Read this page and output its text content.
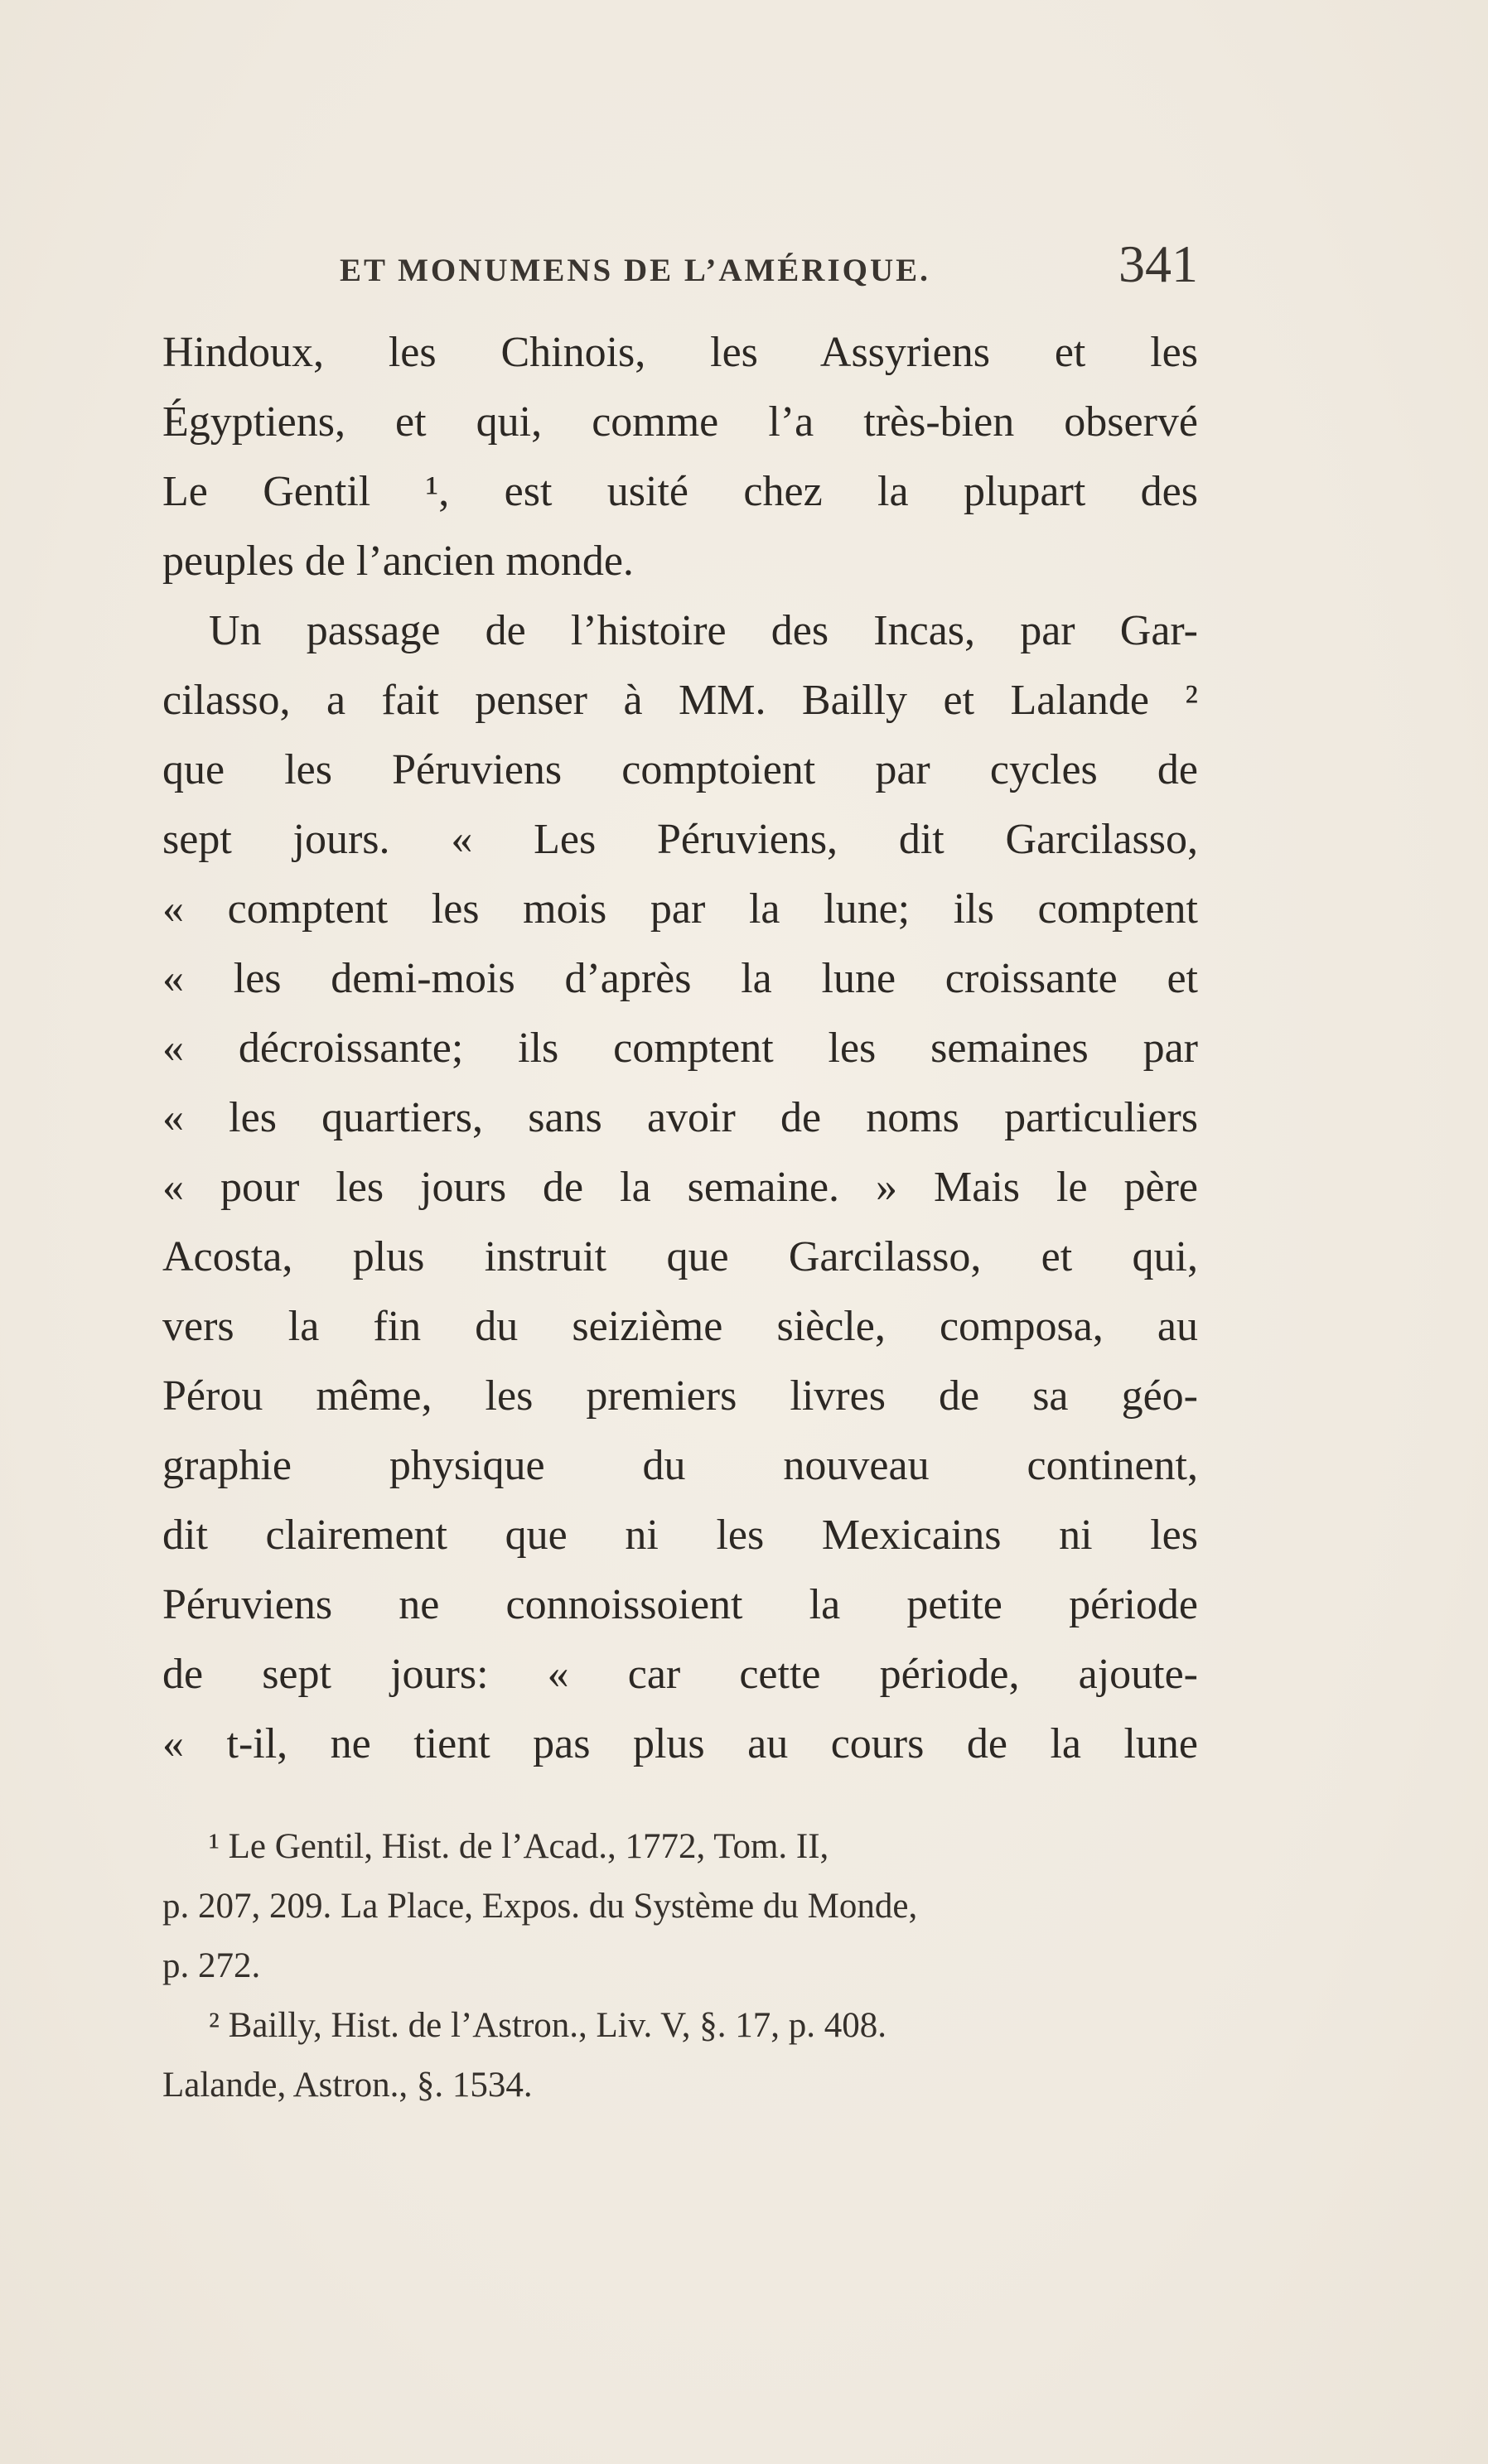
ET MONUMENS DE L’AMÉRIQUE.	341
Hindoux, les Chinois, les Assyriens et les
Égyptiens, et qui, comme l’a très-bien observé
Le Gentil ¹, est usité chez la plupart des
peuples de l’ancien monde.
Un passage de l’histoire des Incas, par Gar-
cilasso, a fait penser à MM. Bailly et Lalande ²
que les Péruviens comptoient par cycles de
sept jours. « Les Péruviens, dit Garcilasso,
« comptent les mois par la lune; ils comptent
« les demi-mois d’après la lune croissante et
« décroissante; ils comptent les semaines par
« les quartiers, sans avoir de noms particuliers
« pour les jours de la semaine. » Mais le père
Acosta, plus instruit que Garcilasso, et qui,
vers la fin du seizième siècle, composa, au
Pérou même, les premiers livres de sa géo-
graphie physique du nouveau continent,
dit clairement que ni les Mexicains ni les
Péruviens ne connoissoient la petite période
de sept jours: « car cette période, ajoute-
« t-il, ne tient pas plus au cours de la lune
¹ Le Gentil, Hist. de l’Acad., 1772, Tom. II,
p. 207, 209. La Place, Expos. du Système du Monde,
p. 272.
² Bailly, Hist. de l’Astron., Liv. V, §. 17, p. 408.
Lalande, Astron., §. 1534.
